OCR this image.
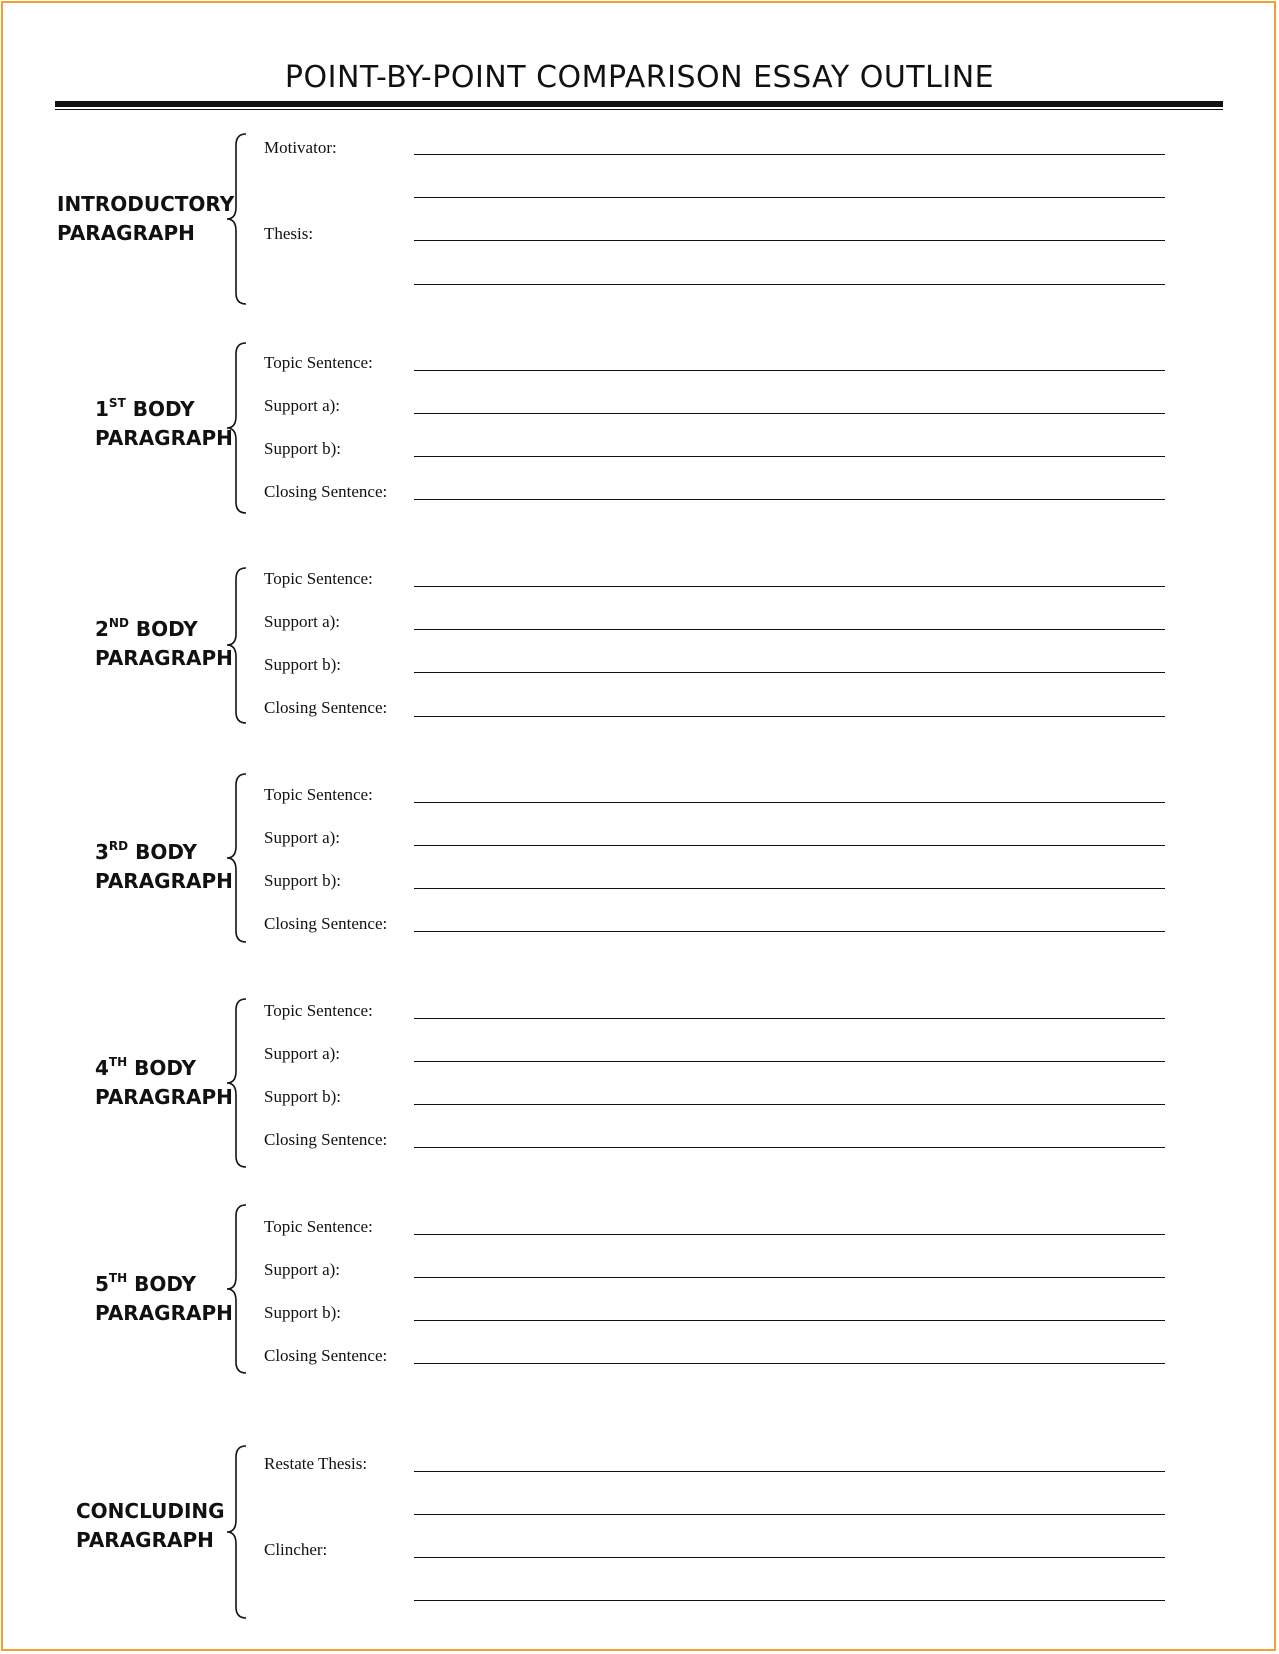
POINT-BY-POINT COMPARISON ESSAY OUTLINE
INTRODUCTORY
PARAGRAPH
Motivator:
Thesis:
1ST BODY
PARAGRAPH
Topic Sentence:
Support a):
Support b):
Closing Sentence:
2ND BODY
PARAGRAPH
Topic Sentence:
Support a):
Support b):
Closing Sentence:
3RD BODY
PARAGRAPH
Topic Sentence:
Support a):
Support b):
Closing Sentence:
4TH BODY
PARAGRAPH
Topic Sentence:
Support a):
Support b):
Closing Sentence:
5TH BODY
PARAGRAPH
Topic Sentence:
Support a):
Support b):
Closing Sentence:
CONCLUDING
PARAGRAPH
Restate Thesis:
Clincher:
